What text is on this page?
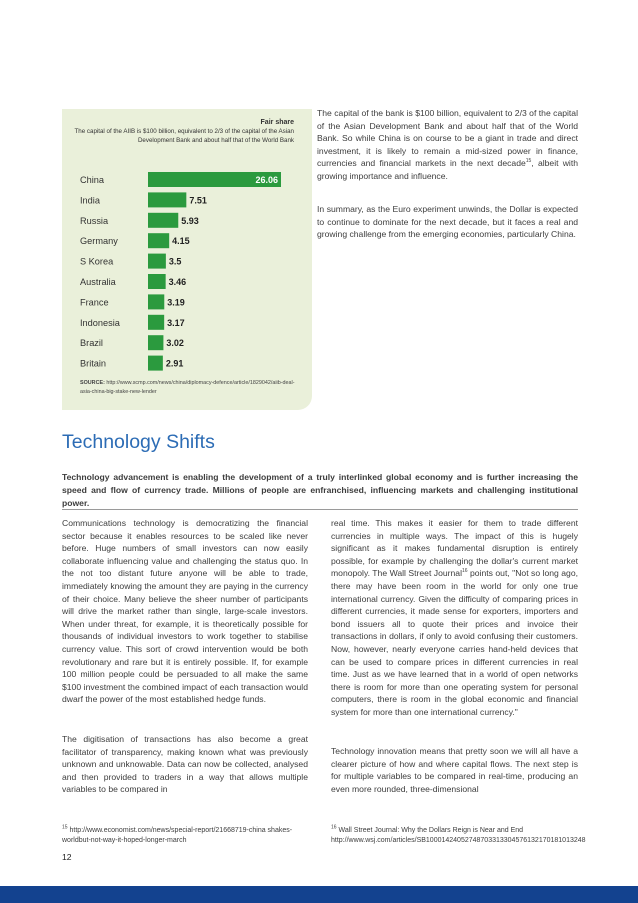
Fair share
The capital of the AIIB is $100 billion, equivalent to 2/3 of the capital of the Asian Development Bank and about half that of the World Bank
China	26.06
India	7.51
Russia	5.93
Germany	4.15
S Korea	3.5
Australia	3.46
France	3.19
Indonesia	3.17
Brazil	3.02
Britain	2.91
SOURCE: http://www.scmp.com/news/china/diplomacy-defence/article/1829042/aiib-deal-asia-china-big-stake-new-lender
The capital of the bank is $100 billion, equivalent to 2/3 of the capital of the Asian Development Bank and about half that of the World Bank. So while China is on course to be a giant in trade and direct investment, it is likely to remain a mid-sized power in finance, currencies and financial markets in the next decade$^{15}$, albeit with growing importance and influence.
In summary, as the Euro experiment unwinds, the Dollar is expected to continue to dominate for the next decade, but it faces a real and growing challenge from the emerging economies, particularly China.
Technology Shifts
Technology advancement is enabling the development of a truly interlinked global economy and is further increasing the speed and flow of currency trade. Millions of people are enfranchised, influencing markets and challenging institutional power.
Communications technology is democratizing the financial sector because it enables resources to be scaled like never before. Huge numbers of small investors can now easily collaborate influencing value and challenging the status quo. In the not too distant future anyone will be able to trade, immediately knowing the amount they are paying in the currency of their choice. Many believe the sheer number of participants will drive the market rather than single, large-scale investors. When under threat, for example, it is theoretically possible for thousands of individual investors to work together to stabilise currency value. This sort of crowd intervention would be both revolutionary and rare but it is entirely possible. If, for example 100 million people could be persuaded to all make the same $100 investment the combined impact of each transaction would dwarf the power of the most established hedge funds.
The digitisation of transactions has also become a great facilitator of transparency, making known what was previously unknown and unknowable. Data can now be collected, analysed and then provided to traders in a way that allows multiple variables to be compared in
real time. This makes it easier for them to trade different currencies in multiple ways. The impact of this is hugely significant as it makes fundamental disruption is entirely possible, for example by challenging the dollar's current market monopoly. The Wall Street Journal$^{16}$ points out, "Not so long ago, there may have been room in the world for only one true international currency. Given the difficulty of comparing prices in different currencies, it made sense for exporters, importers and bond issuers all to quote their prices and invoice their transactions in dollars, if only to avoid confusing their customers. Now, however, nearly everyone carries hand-held devices that can be used to compare prices in different currencies in real time. Just as we have learned that in a world of open networks there is room for more than one operating system for personal computers, there is room in the global economic and financial system for more than one international currency."
Technology innovation means that pretty soon we will all have a clearer picture of how and where capital flows. The next step is for multiple variables to be compared in real-time, producing an even more rounded, three-dimensional
$^{15}$ http://www.economist.com/news/special-report/21668719-china shakes-worldbut-not-way-it-hoped-longer-march
$^{16}$ Wall Street Journal: Why the Dollars Reign is Near and End http://www.wsj.com/articles/SB10001424052748703313304576132170181013248
12
